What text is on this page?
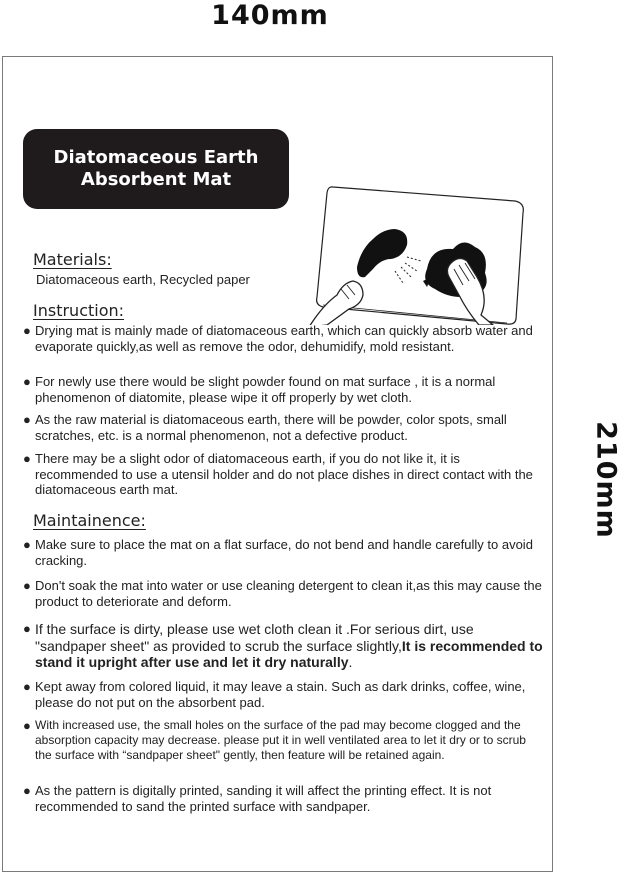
140mm
210mm
Diatomaceous Earth Absorbent Mat
Materials:
Diatomaceous earth, Recycled paper
Instruction:
● Drying mat is mainly made of diatomaceous earth, which can quickly absorb water and evaporate quickly,as well as remove the odor, dehumidify, mold resistant.
● For newly use there would be slight powder found on mat surface , it is a normal phenomenon of diatomite, please wipe it off properly by wet cloth.
● As the raw material is diatomaceous earth, there will be powder, color spots, small scratches, etc. is a normal phenomenon, not a defective product.
● There may be a slight odor of diatomaceous earth, if you do not like it, it is recommended to use a utensil holder and do not place dishes in direct contact with the diatomaceous earth mat.
Maintainence:
● Make sure to place the mat on a flat surface, do not bend and handle carefully to avoid cracking.
● Don't soak the mat into water or use cleaning detergent to clean it,as this may cause the product to deteriorate and deform.
● If the surface is dirty, please use wet cloth clean it .For serious dirt, use "sandpaper sheet" as provided to scrub the surface slightly,It is recommended to stand it upright after use and let it dry naturally.
● Kept away from colored liquid, it may leave a stain. Such as dark drinks, coffee, wine, please do not put on the absorbent pad.
● With increased use, the small holes on the surface of the pad may become clogged and the absorption capacity may decrease. please put it in well ventilated area to let it dry or to scrub the surface with “sandpaper sheet" gently, then feature will be retained again.
● As the pattern is digitally printed, sanding it will affect the printing effect. It is not recommended to sand the printed surface with sandpaper.
